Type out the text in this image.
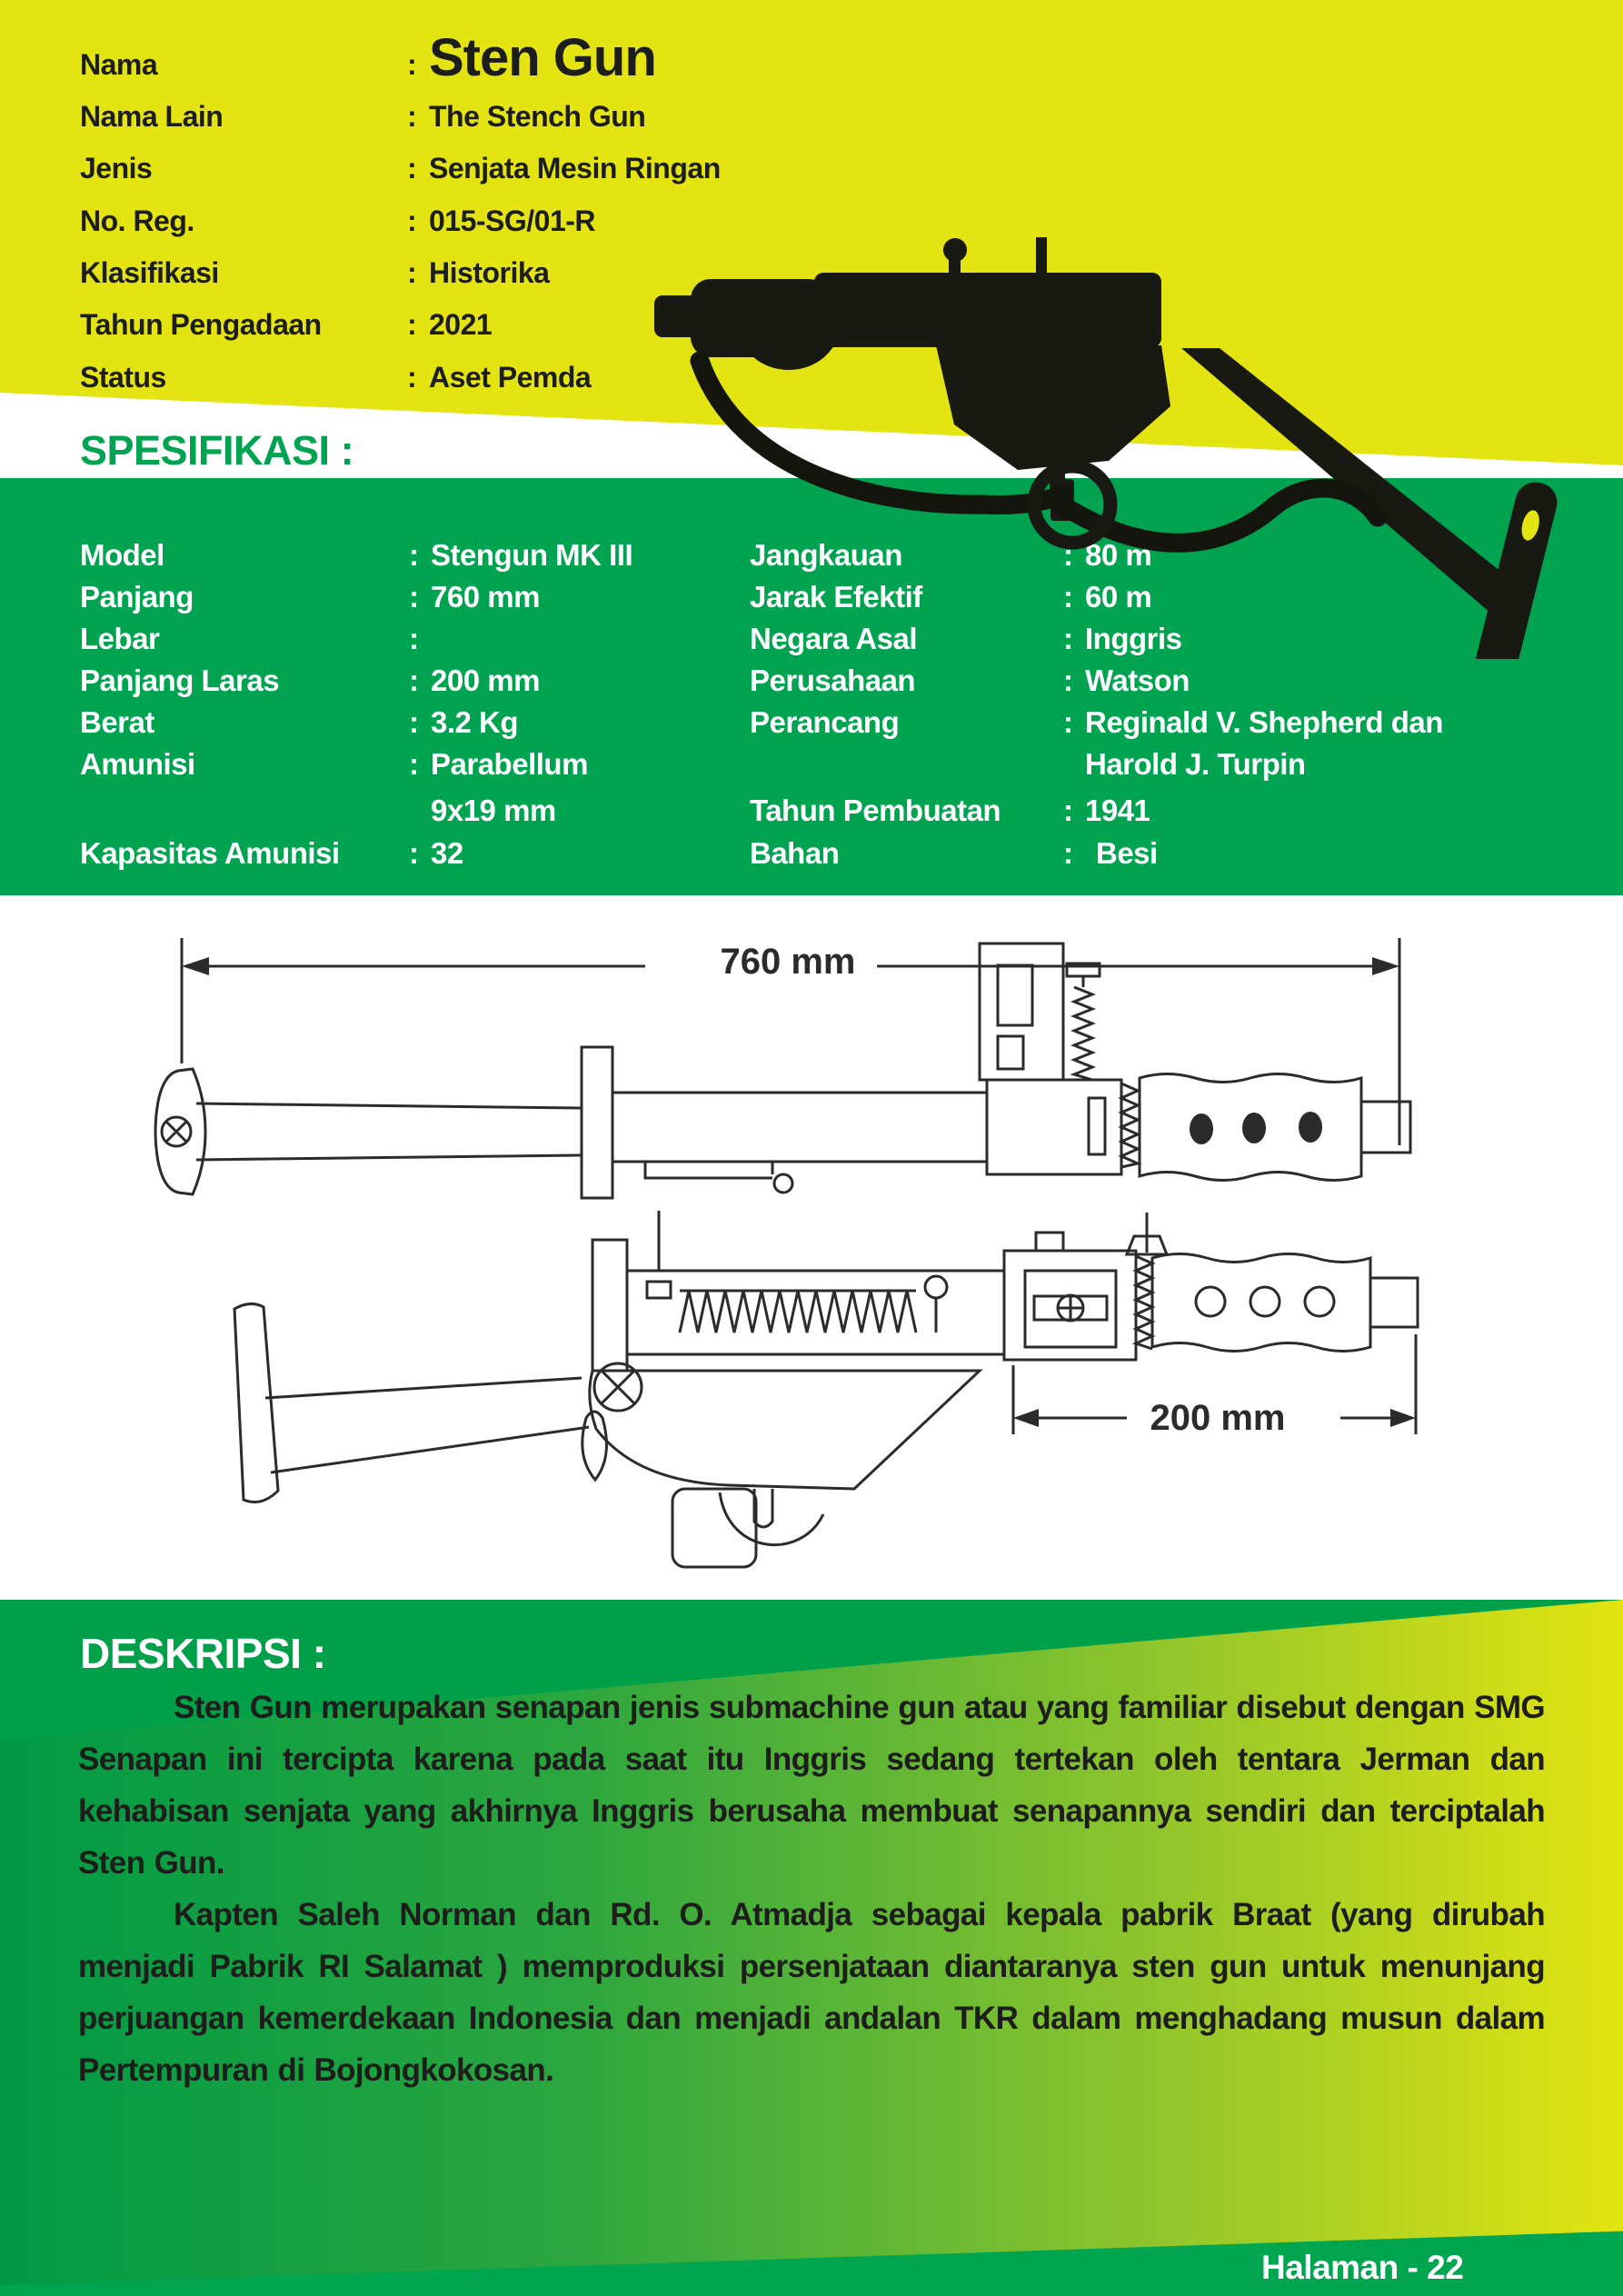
Nama	: Sten Gun
Nama Lain	: The Stench Gun
Jenis	: Senjata Mesin Ringan
No. Reg.	: 015-SG/01-R
Klasifikasi	: Historika
Tahun Pengadaan	: 2021
Status	: Aset Pemda
SPESIFIKASI :
Model	: Stengun MK III
Panjang	: 760 mm
Lebar	:
Panjang Laras	: 200 mm
Berat	: 3.2 Kg
Amunisi	: Parabellum
9x19 mm
Kapasitas Amunisi	: 32
Jangkauan	: 80 m
Jarak Efektif	: 60 m
Negara Asal	: Inggris
Perusahaan	: Watson
Perancang	: Reginald V. Shepherd dan
Harold J. Turpin
Tahun Pembuatan	: 1941
Bahan	: Besi
760 mm
200 mm
DESKRIPSI :

Sten Gun merupakan senapan jenis submachine gun atau yang familiar disebut dengan SMG Senapan ini tercipta karena pada saat itu Inggris sedang tertekan oleh tentara Jerman dan kehabisan senjata yang akhirnya Inggris berusaha membuat senapannya sendiri dan terciptalah Sten Gun.

Kapten Saleh Norman dan Rd. O. Atmadja sebagai kepala pabrik Braat (yang dirubah menjadi Pabrik RI Salamat ) memproduksi persenjataan diantaranya sten gun untuk menunjang perjuangan kemerdekaan Indonesia dan menjadi andalan TKR dalam menghadang musun dalam Pertempuran di Bojongkokosan.

Halaman - 22
